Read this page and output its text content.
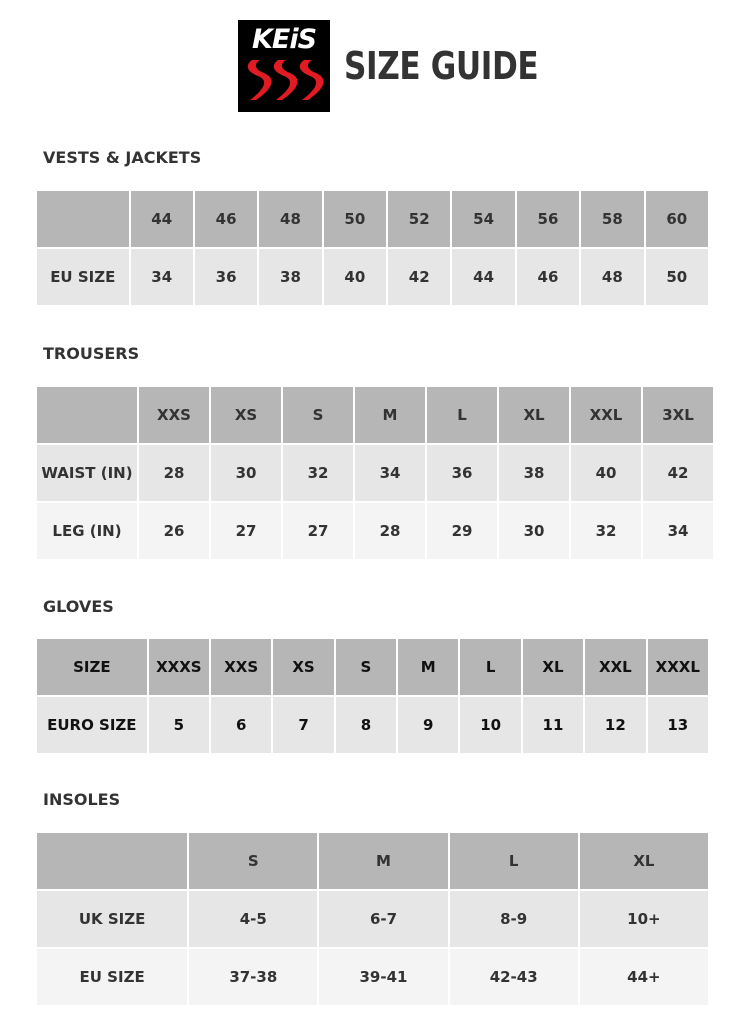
KEiS
SIZE GUIDE
VESTS & JACKETS
	44	46	48	50	52	54	56	58	60
EU SIZE	34	36	38	40	42	44	46	48	50
TROUSERS
	XXS	XS	S	M	L	XL	XXL	3XL
WAIST (IN)	28	30	32	34	36	38	40	42
LEG (IN)	26	27	27	28	29	30	32	34
GLOVES
SIZE	XXXS	XXS	XS	S	M	L	XL	XXL	XXXL
EURO SIZE	5	6	7	8	9	10	11	12	13
INSOLES
	S	M	L	XL
UK SIZE	4-5	6-7	8-9	10+
EU SIZE	37-38	39-41	42-43	44+
